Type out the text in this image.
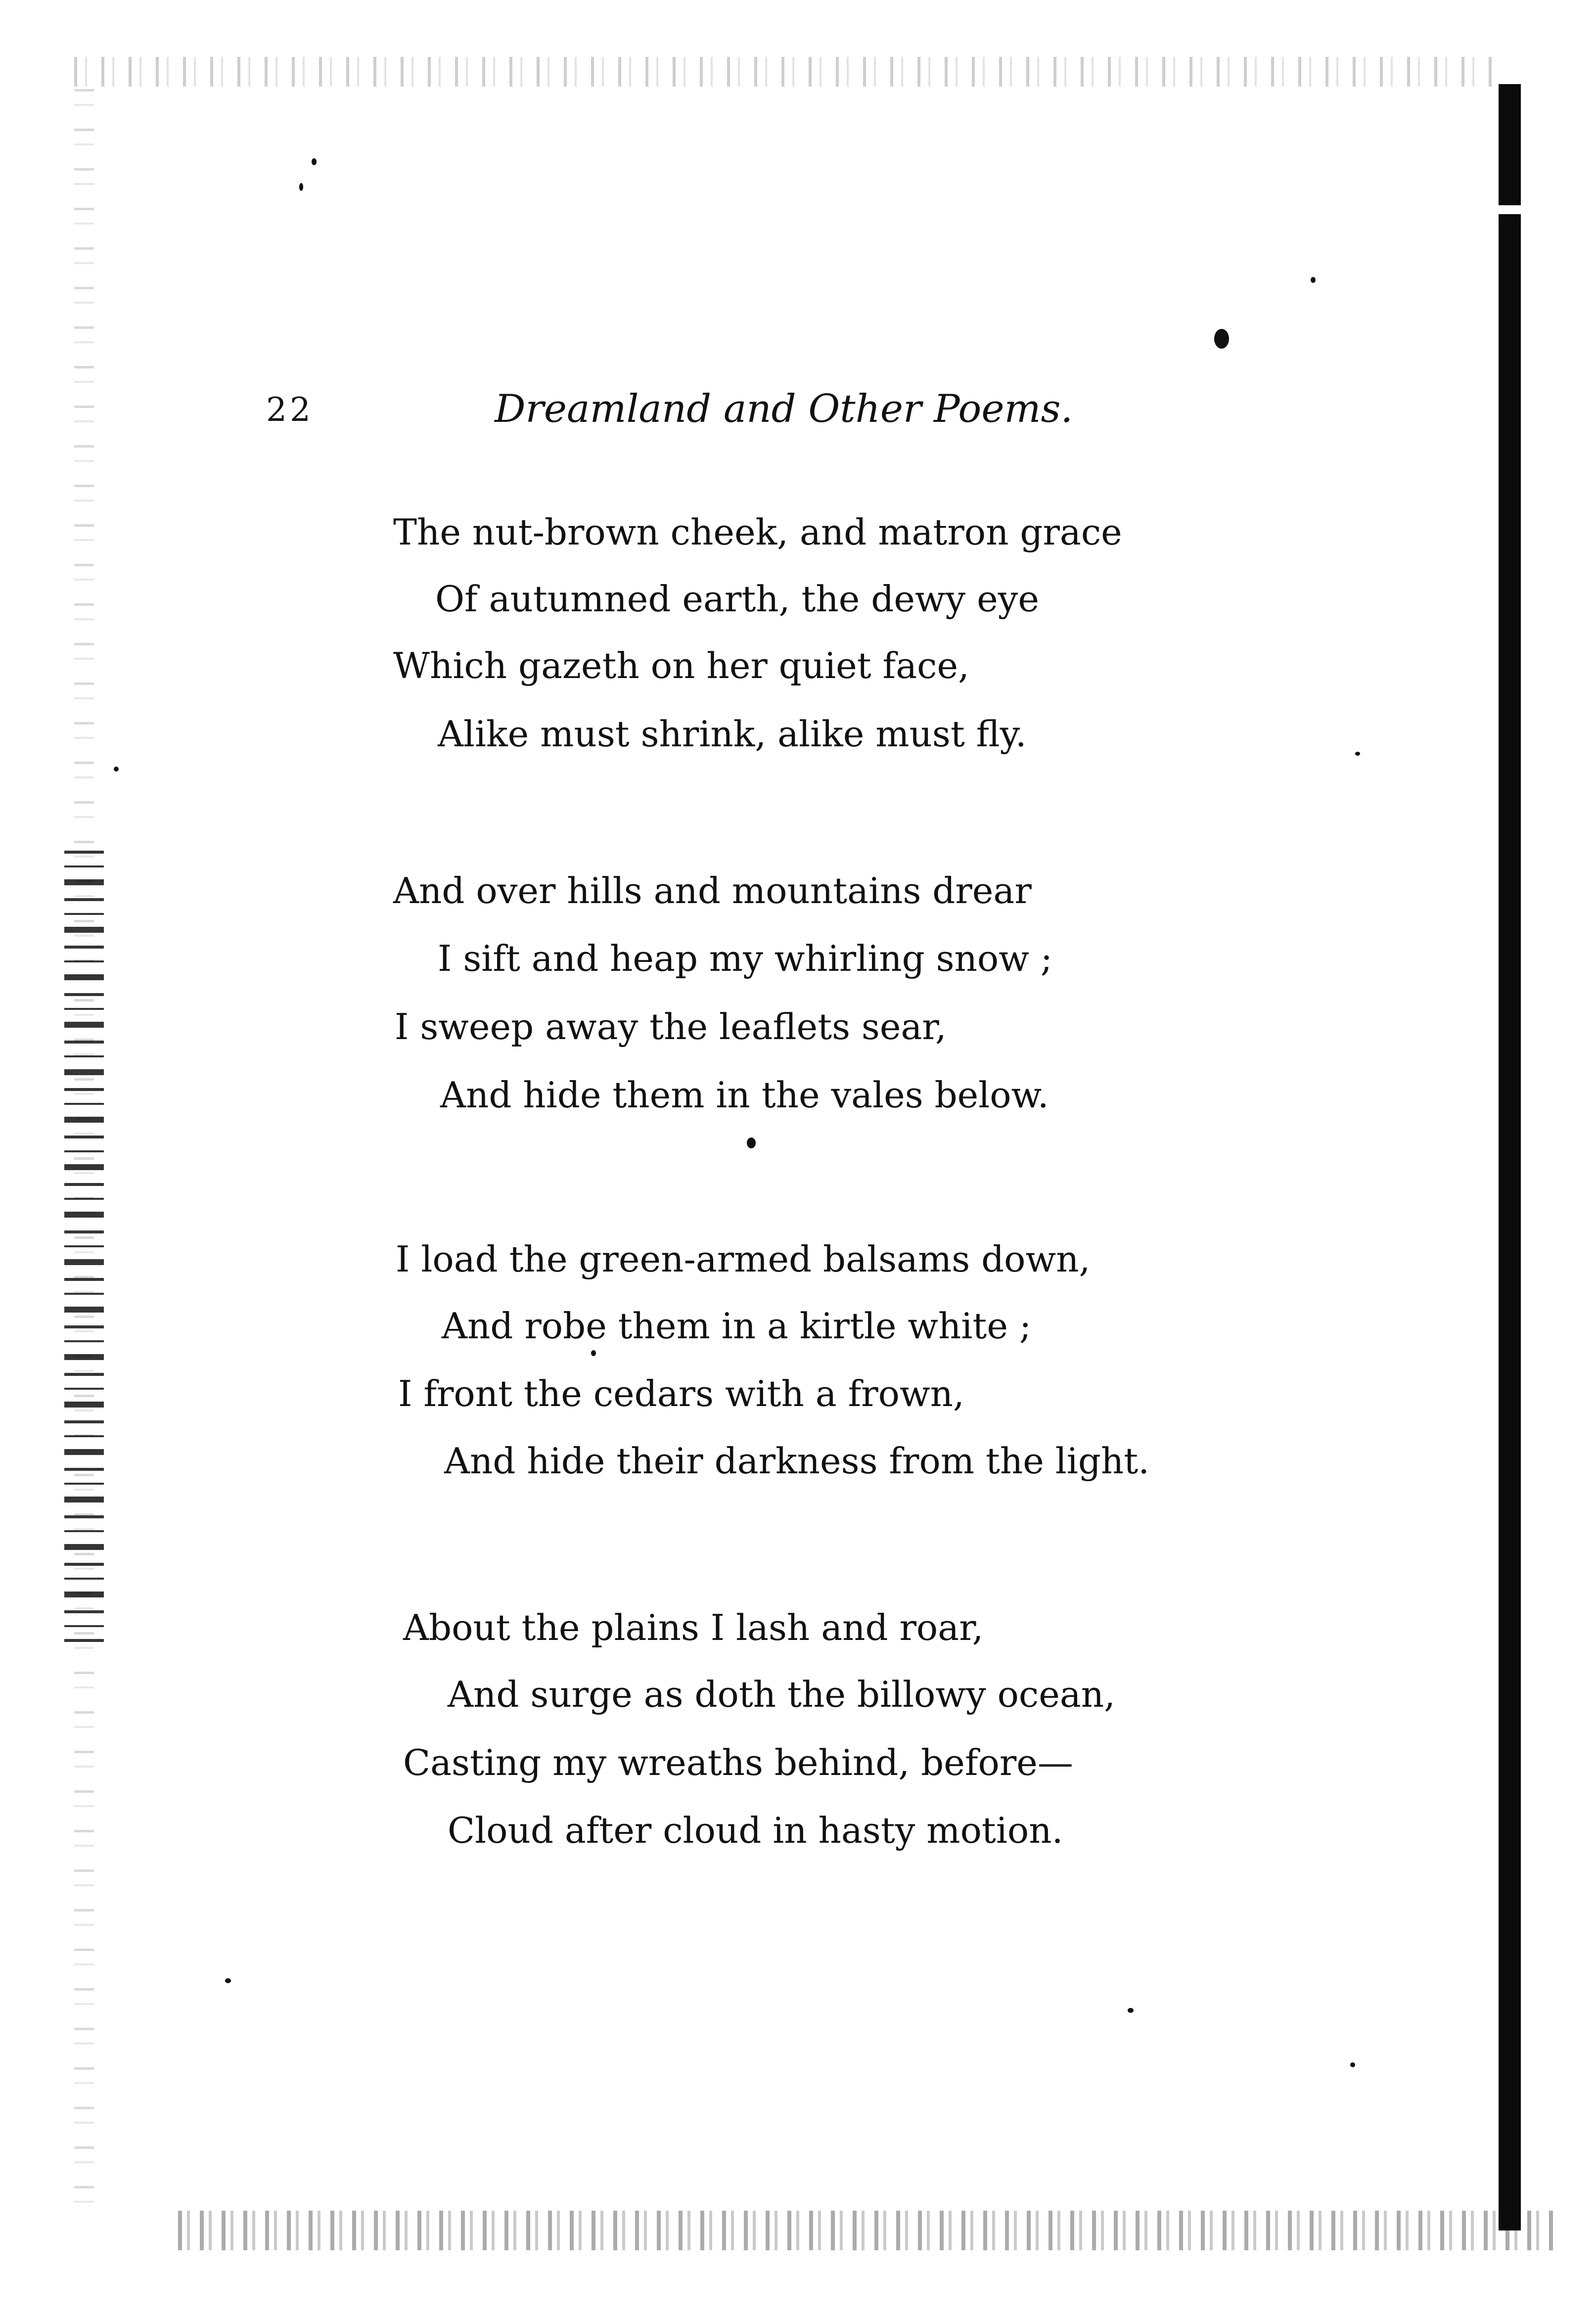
22	Dreamland and Other Poems.
The nut-brown cheek, and matron grace
Of autumned earth, the dewy eye
Which gazeth on her quiet face,
Alike must shrink, alike must fly.
And over hills and mountains drear
I sift and heap my whirling snow ;
I sweep away the leaflets sear,
And hide them in the vales below.
I load the green-armed balsams down,
And robe them in a kirtle white ;
I front the cedars with a frown,
And hide their darkness from the light.
About the plains I lash and roar,
And surge as doth the billowy ocean,
Casting my wreaths behind, before—
Cloud after cloud in hasty motion.
